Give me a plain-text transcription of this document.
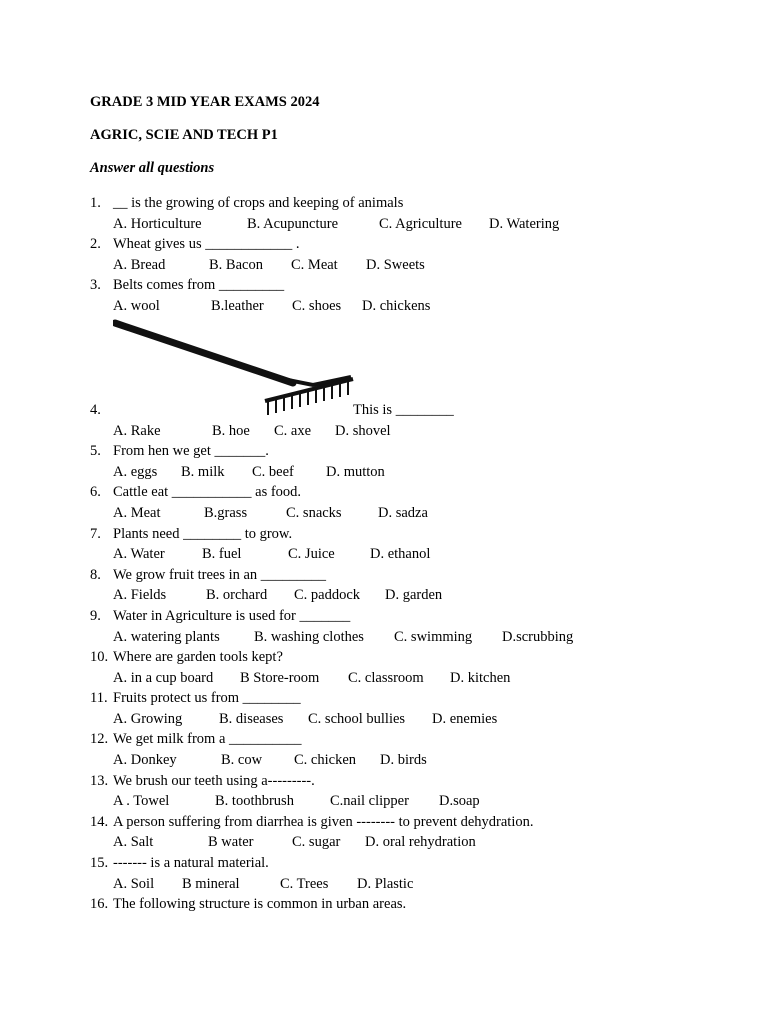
GRADE 3 MID YEAR EXAMS 2024
AGRIC, SCIE AND TECH P1
Answer all questions
1. __ is the growing of crops and keeping of animals
A. Horticulture	B. Acupuncture	C. Agriculture D. Watering
2. Wheat gives us ____________ .
A. Bread	B. Bacon C. Meat D. Sweets
3. Belts comes from _________
A. wool	B.leather C. shoes D. chickens
4.	This is ________
A. Rake	B. hoe C. axe D. shovel
5. From hen we get _______.
A. eggs B. milk C. beef D. mutton
6. Cattle eat ___________ as food.
A. Meat	B.grass	C. snacks	D. sadza
7. Plants need ________ to grow.
A. Water	B. fuel	C. Juice D. ethanol
8. We grow fruit trees in an _________
A. Fields	B. orchard C. paddock D. garden
9. Water in Agriculture is used for _______
A. watering plants B. washing clothes C. swimming D.scrubbing
10. Where are garden tools kept?
A. in a cup board B Store-room C. classroom D. kitchen
11. Fruits protect us from ________
A. Growing	B. diseases C. school bullies D. enemies
12. We get milk from a __________
A. Donkey	B. cow C. chicken D. birds
13. We brush our teeth using a---------.
A . Towel	B. toothbrush C.nail clipper D.soap
14. A person suffering from diarrhea is given -------- to prevent dehydration.
A. Salt	B water	C. sugar D. oral rehydration
15. ------- is a natural material.
A. Soil B mineral	C. Trees D. Plastic
16. The following structure is common in urban areas.
